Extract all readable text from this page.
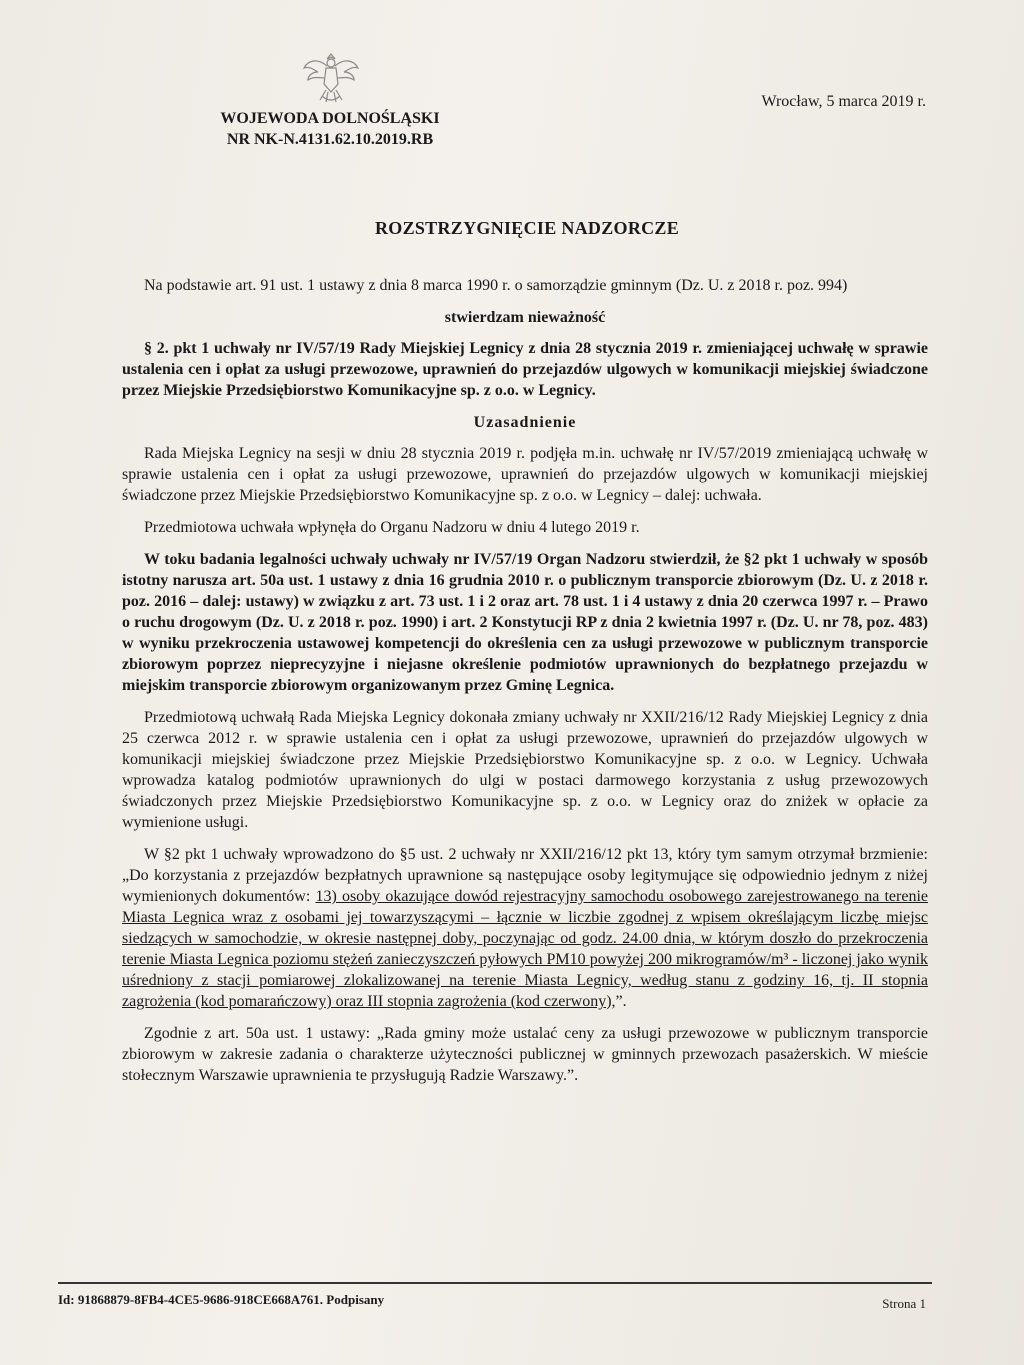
WOJEWODA DOLNOŚLĄSKI
NR NK-N.4131.62.10.2019.RB
Wrocław, 5 marca 2019 r.
ROZSTRZYGNIĘCIE NADZORCZE

Na podstawie art. 91 ust. 1 ustawy z dnia 8 marca 1990 r. o samorządzie gminnym (Dz. U. z 2018 r. poz. 994)

stwierdzam nieważność

§ 2. pkt 1 uchwały nr IV/57/19 Rady Miejskiej Legnicy z dnia 28 stycznia 2019 r. zmieniającej uchwałę w sprawie ustalenia cen i opłat za usługi przewozowe, uprawnień do przejazdów ulgowych w komunikacji miejskiej świadczone przez Miejskie Przedsiębiorstwo Komunikacyjne sp. z o.o. w Legnicy.

Uzasadnienie

Rada Miejska Legnicy na sesji w dniu 28 stycznia 2019 r. podjęła m.in. uchwałę nr IV/57/2019 zmieniającą uchwałę w sprawie ustalenia cen i opłat za usługi przewozowe, uprawnień do przejazdów ulgowych w komunikacji miejskiej świadczone przez Miejskie Przedsiębiorstwo Komunikacyjne sp. z o.o. w Legnicy – dalej: uchwała.

Przedmiotowa uchwała wpłynęła do Organu Nadzoru w dniu 4 lutego 2019 r.

W toku badania legalności uchwały uchwały nr IV/57/19 Organ Nadzoru stwierdził, że §2 pkt 1 uchwały w sposób istotny narusza art. 50a ust. 1 ustawy z dnia 16 grudnia 2010 r. o publicznym transporcie zbiorowym (Dz. U. z 2018 r. poz. 2016 – dalej: ustawy) w związku z art. 73 ust. 1 i 2 oraz art. 78 ust. 1 i 4 ustawy z dnia 20 czerwca 1997 r. – Prawo o ruchu drogowym (Dz. U. z 2018 r. poz. 1990) i art. 2 Konstytucji RP z dnia 2 kwietnia 1997 r. (Dz. U. nr 78, poz. 483) w wyniku przekroczenia ustawowej kompetencji do określenia cen za usługi przewozowe w publicznym transporcie zbiorowym poprzez nieprecyzyjne i niejasne określenie podmiotów uprawnionych do bezpłatnego przejazdu w miejskim transporcie zbiorowym organizowanym przez Gminę Legnica.

Przedmiotową uchwałą Rada Miejska Legnicy dokonała zmiany uchwały nr XXII/216/12 Rady Miejskiej Legnicy z dnia 25 czerwca 2012 r. w sprawie ustalenia cen i opłat za usługi przewozowe, uprawnień do przejazdów ulgowych w komunikacji miejskiej świadczone przez Miejskie Przedsiębiorstwo Komunikacyjne sp. z o.o. w Legnicy. Uchwała wprowadza katalog podmiotów uprawnionych do ulgi w postaci darmowego korzystania z usług przewozowych świadczonych przez Miejskie Przedsiębiorstwo Komunikacyjne sp. z o.o. w Legnicy oraz do zniżek w opłacie za wymienione usługi.

W §2 pkt 1 uchwały wprowadzono do §5 ust. 2 uchwały nr XXII/216/12 pkt 13, który tym samym otrzymał brzmienie: „Do korzystania z przejazdów bezpłatnych uprawnione są następujące osoby legitymujące się odpowiednio jednym z niżej wymienionych dokumentów: 13) osoby okazujące dowód rejestracyjny samochodu osobowego zarejestrowanego na terenie Miasta Legnica wraz z osobami jej towarzyszącymi – łącznie w liczbie zgodnej z wpisem określającym liczbę miejsc siedzących w samochodzie, w okresie następnej doby, poczynając od godz. 24.00 dnia, w którym doszło do przekroczenia terenie Miasta Legnica poziomu stężeń zanieczyszczeń pyłowych PM10 powyżej 200 mikrogramów/m³ - liczonej jako wynik uśredniony z stacji pomiarowej zlokalizowanej na terenie Miasta Legnicy, według stanu z godziny 16, tj. II stopnia zagrożenia (kod pomarańczowy) oraz III stopnia zagrożenia (kod czerwony),”.

Zgodnie z art. 50a ust. 1 ustawy: „Rada gminy może ustalać ceny za usługi przewozowe w publicznym transporcie zbiorowym w zakresie zadania o charakterze użyteczności publicznej w gminnych przewozach pasażerskich. W mieście stołecznym Warszawie uprawnienia te przysługują Radzie Warszawy.”.

Id: 91868879-8FB4-4CE5-9686-918CE668A761. Podpisany	Strona 1
